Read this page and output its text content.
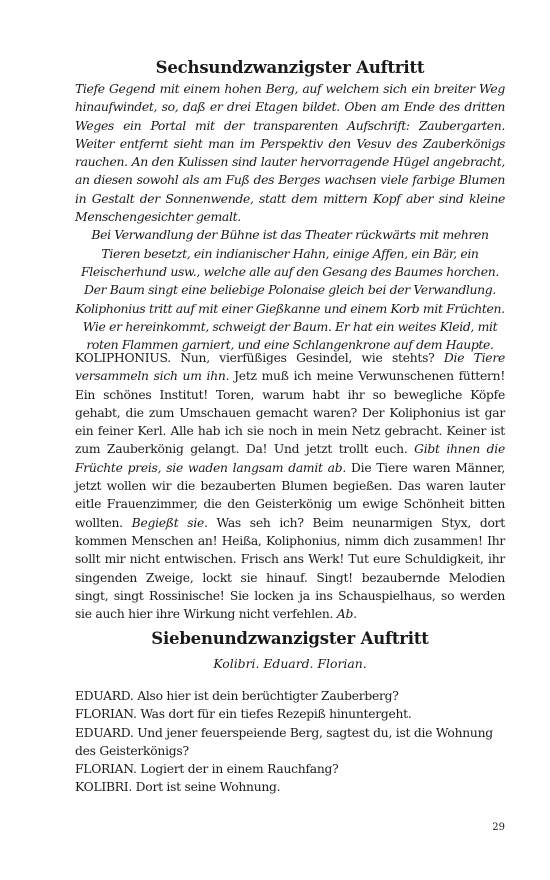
Sechsundzwanzigster Auftritt

Tiefe Gegend mit einem hohen Berg, auf welchem sich ein breiter Weg hinaufwindet, so, daß er drei Etagen bildet. Oben am Ende des dritten Weges ein Portal mit der transparenten Aufschrift: Zaubergarten. Weiter entfernt sieht man im Perspektiv den Vesuv des Zauberkönigs rauchen. An den Kulissen sind lauter hervorragende Hügel angebracht, an diesen sowohl als am Fuß des Berges wachsen viele farbige Blumen in Gestalt der Sonnenwende, statt dem mittern Kopf aber sind kleine Menschengesichter gemalt.

Bei Verwandlung der Bühne ist das Theater rückwärts mit mehren Tieren besetzt, ein indianischer Hahn, einige Affen, ein Bär, ein Fleischerhund usw., welche alle auf den Gesang des Baumes horchen. Der Baum singt eine beliebige Polonaise gleich bei der Verwandlung.

Koliphonius tritt auf mit einer Gießkanne und einem Korb mit Früchten. Wie er hereinkommt, schweigt der Baum. Er hat ein weites Kleid, mit roten Flammen garniert, und eine Schlangenkrone auf dem Haupte.

KOLIPHONIUS. Nun, vierfüßiges Gesindel, wie stehts? Die Tiere versammeln sich um ihn. Jetz muß ich meine Verwunschenen füttern! Ein schönes Institut! Toren, warum habt ihr so bewegliche Köpfe gehabt, die zum Umschauen gemacht waren? Der Koliphonius ist gar ein feiner Kerl. Alle hab ich sie noch in mein Netz gebracht. Keiner ist zum Zauberkönig gelangt. Da! Und jetzt trollt euch. Gibt ihnen die Früchte preis, sie waden langsam damit ab. Die Tiere waren Männer, jetzt wollen wir die bezauberten Blumen begießen. Das waren lauter eitle Frauenzimmer, die den Geisterkönig um ewige Schönheit bitten wollten. Begießt sie. Was seh ich? Beim neunarmigen Styx, dort kommen Menschen an! Heißa, Koliphonius, nimm dich zusammen! Ihr sollt mir nicht entwischen. Frisch ans Werk! Tut eure Schuldigkeit, ihr singenden Zweige, lockt sie hinauf. Singt! bezaubernde Melodien singt, singt Rossinische! Sie locken ja ins Schauspielhaus, so werden sie auch hier ihre Wirkung nicht verfehlen. Ab.

Siebenundzwanzigster Auftritt
Kolibri. Eduard. Florian.

EDUARD. Also hier ist dein berüchtigter Zauberberg?

FLORIAN. Was dort für ein tiefes Rezepiß hinuntergeht.

EDUARD. Und jener feuerspeiende Berg, sagtest du, ist die Wohnung des Geisterkönigs?

FLORIAN. Logiert der in einem Rauchfang?

KOLIBRI. Dort ist seine Wohnung.

29
